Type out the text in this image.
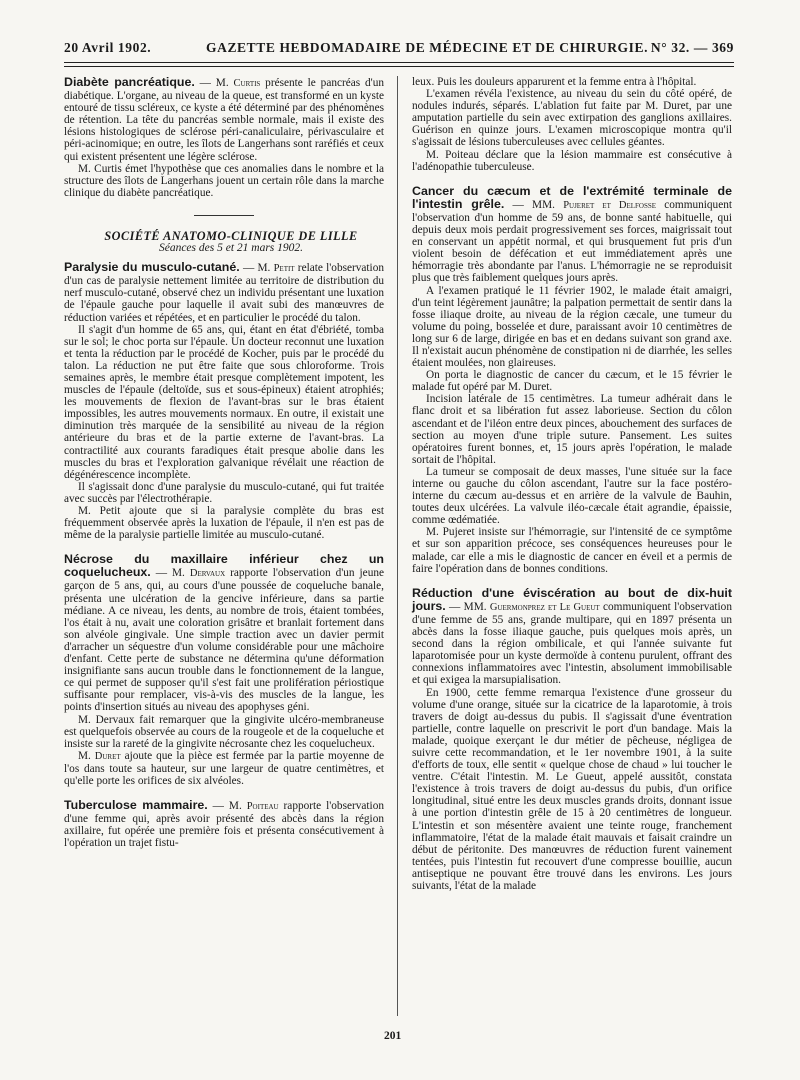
20 Avril 1902.	GAZETTE HEBDOMADAIRE DE MÉDECINE ET DE CHIRURGIE. N° 32. — 369

Diabète pancréatique. — M. Curtis présente le pancréas d'un diabétique. L'organe, au niveau de la queue, est transformé en un kyste entouré de tissu scléreux, ce kyste a été déterminé par des phénomènes de rétention. La tête du pancréas semble normale, mais il existe des lésions histologiques de sclérose péri-canaliculaire, périvasculaire et péri-acinomique; en outre, les îlots de Langerhans sont raréfiés et ceux qui existent présentent une légère sclérose.

M. Curtis émet l'hypothèse que ces anomalies dans le nombre et la structure des îlots de Langerhans jouent un certain rôle dans la marche clinique du diabète pancréatique.

SOCIÉTÉ ANATOMO-CLINIQUE DE LILLE

Séances des 5 et 21 mars 1902.

Paralysie du musculo-cutané. — M. Petit relate l'observation d'un cas de paralysie nettement limitée au territoire de distribution du nerf musculo-cutané, observé chez un individu présentant une luxation de l'épaule gauche pour laquelle il avait subi des manœuvres de réduction variées et répétées, et en particulier le procédé du talon.

Il s'agit d'un homme de 65 ans, qui, étant en état d'ébriété, tomba sur le sol; le choc porta sur l'épaule. Un docteur reconnut une luxation et tenta la réduction par le procédé de Kocher, puis par le procédé du talon. La réduction ne put être faite que sous chloroforme. Trois semaines après, le membre était presque complètement impotent, les muscles de l'épaule (deltoïde, sus et sous-épineux) étaient atrophiés; les mouvements de flexion de l'avant-bras sur le bras étaient impossibles, les autres mouvements normaux. En outre, il existait une diminution très marquée de la sensibilité au niveau de la région antérieure du bras et de la partie externe de l'avant-bras. La contractilité aux courants faradiques était presque abolie dans les muscles du bras et l'exploration galvanique révélait une réaction de dégénérescence incomplète.

Il s'agissait donc d'une paralysie du musculo-cutané, qui fut traitée avec succès par l'électrothérapie.

M. Petit ajoute que si la paralysie complète du bras est fréquemment observée après la luxation de l'épaule, il n'en est pas de même de la paralysie partielle limitée au musculo-cutané.

Nécrose du maxillaire inférieur chez un coquelucheux. — M. Dervaux rapporte l'observation d'un jeune garçon de 5 ans, qui, au cours d'une poussée de coqueluche banale, présenta une ulcération de la gencive inférieure, dans sa partie médiane. A ce niveau, les dents, au nombre de trois, étaient tombées, l'os était à nu, avait une coloration grisâtre et branlait fortement dans son alvéole gingivale. Une simple traction avec un davier permit d'arracher un séquestre d'un volume considérable pour une mâchoire d'enfant. Cette perte de substance ne détermina qu'une déformation insignifiante sans aucun trouble dans le fonctionnement de la langue, ce qui permet de supposer qu'il s'est fait une prolifération périostique suffisante pour remplacer, vis-à-vis des muscles de la langue, les points d'insertion situés au niveau des apophyses géni.

M. Dervaux fait remarquer que la gingivite ulcéro-membraneuse est quelquefois observée au cours de la rougeole et de la coqueluche et insiste sur la rareté de la gingivite nécrosante chez les coquelucheux.

M. Duret ajoute que la pièce est fermée par la partie moyenne de l'os dans toute sa hauteur, sur une largeur de quatre centimètres, et qu'elle porte les orifices de six alvéoles.

Tuberculose mammaire. — M. Poiteau rapporte l'observation d'une femme qui, après avoir présenté des abcès dans la région axillaire, fut opérée une première fois et présenta consécutivement à l'opération un trajet fistu-

leux. Puis les douleurs apparurent et la femme entra à l'hôpital.

L'examen révéla l'existence, au niveau du sein du côté opéré, de nodules indurés, séparés. L'ablation fut faite par M. Duret, par une amputation partielle du sein avec extirpation des ganglions axillaires. Guérison en quinze jours. L'examen microscopique montra qu'il s'agissait de lésions tuberculeuses avec cellules géantes.

M. Poiteau déclare que la lésion mammaire est consécutive à l'adénopathie tuberculeuse.

Cancer du cæcum et de l'extrémité terminale de l'intestin grêle. — MM. Pujeret et Delfosse communiquent l'observation d'un homme de 59 ans, de bonne santé habituelle, qui depuis deux mois perdait progressivement ses forces, maigrissait tout en conservant un appétit normal, et qui brusquement fut pris d'un violent besoin de défécation et eut immédiatement après une hémorragie très abondante par l'anus. L'hémorragie ne se reproduisit plus que très faiblement quelques jours après.

A l'examen pratiqué le 11 février 1902, le malade était amaigri, d'un teint légèrement jaunâtre; la palpation permettait de sentir dans la fosse iliaque droite, au niveau de la région cæcale, une tumeur du volume du poing, bosselée et dure, paraissant avoir 10 centimètres de long sur 6 de large, dirigée en bas et en dedans suivant son grand axe. Il n'existait aucun phénomène de constipation ni de diarrhée, les selles étaient moulées, non glaireuses.

On porta le diagnostic de cancer du cæcum, et le 15 février le malade fut opéré par M. Duret.

Incision latérale de 15 centimètres. La tumeur adhérait dans le flanc droit et sa libération fut assez laborieuse. Section du côlon ascendant et de l'iléon entre deux pinces, abouchement des surfaces de section au moyen d'une triple suture. Pansement. Les suites opératoires furent bonnes, et, 15 jours après l'opération, le malade sortait de l'hôpital.

La tumeur se composait de deux masses, l'une située sur la face interne ou gauche du côlon ascendant, l'autre sur la face postéro-interne du cæcum au-dessus et en arrière de la valvule de Bauhin, toutes deux ulcérées. La valvule iléo-cæcale était agrandie, épaissie, comme œdématiée.

M. Pujeret insiste sur l'hémorragie, sur l'intensité de ce symptôme et sur son apparition précoce, ses conséquences heureuses pour le malade, car elle a mis le diagnostic de cancer en éveil et a permis de faire l'opération dans de bonnes conditions.

Réduction d'une éviscération au bout de dix-huit jours. — MM. Guermonprez et Le Gueut communiquent l'observation d'une femme de 55 ans, grande multipare, qui en 1897 présenta un abcès dans la fosse iliaque gauche, puis quelques mois après, un second dans la région ombilicale, et qui l'année suivante fut laparotomisée pour un kyste dermoïde à contenu purulent, offrant des connexions inflammatoires avec l'intestin, absolument immobilisable et qui exigea la marsupialisation.

En 1900, cette femme remarqua l'existence d'une grosseur du volume d'une orange, située sur la cicatrice de la laparotomie, à trois travers de doigt au-dessus du pubis. Il s'agissait d'une éventration partielle, contre laquelle on prescrivit le port d'un bandage. Mais la malade, quoique exerçant le dur métier de pêcheuse, négligea de suivre cette recommandation, et le 1er novembre 1901, à la suite d'efforts de toux, elle sentit « quelque chose de chaud » lui toucher le ventre. C'était l'intestin. M. Le Gueut, appelé aussitôt, constata l'existence à trois travers de doigt au-dessus du pubis, d'un orifice longitudinal, situé entre les deux muscles grands droits, donnant issue à une portion d'intestin grêle de 15 à 20 centimètres de longueur. L'intestin et son mésentère avaient une teinte rouge, franchement inflammatoire, l'état de la malade était mauvais et faisait craindre un début de péritonite. Des manœuvres de réduction furent vainement tentées, puis l'intestin fut recouvert d'une compresse bouillie, aucun antiseptique ne pouvant être trouvé dans les environs. Les jours suivants, l'état de la malade

201
